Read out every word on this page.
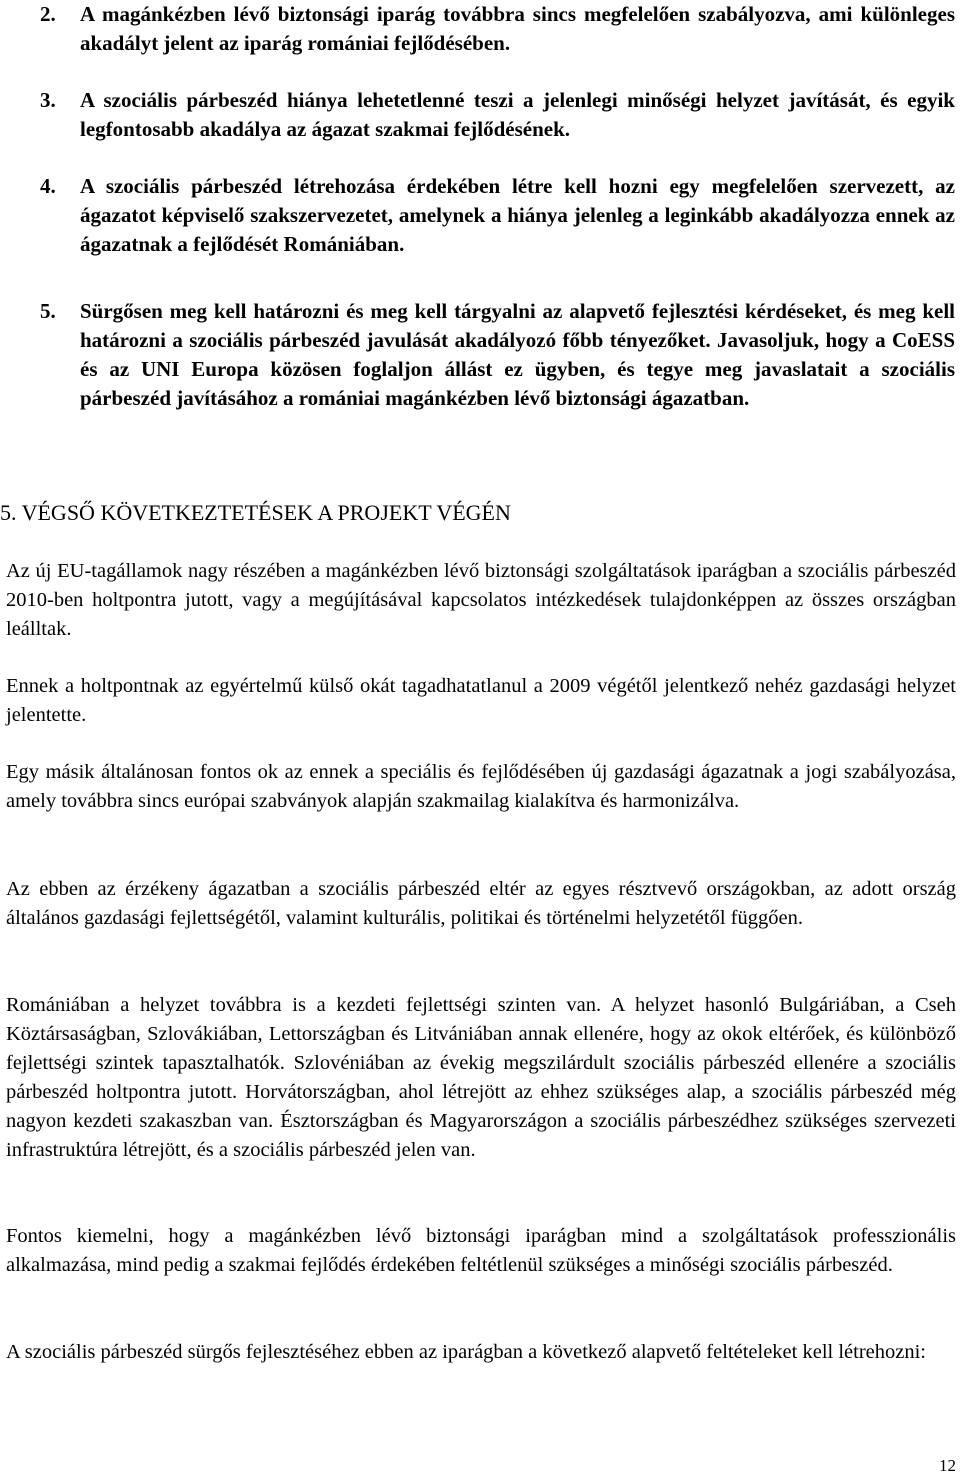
2. A magánkézben lévő biztonsági iparág továbbra sincs megfelelően szabályozva, ami különleges akadályt jelent az iparág romániai fejlődésében.
3. A szociális párbeszéd hiánya lehetetlenné teszi a jelenlegi minőségi helyzet javítását, és egyik legfontosabb akadálya az ágazat szakmai fejlődésének.
4. A szociális párbeszéd létrehozása érdekében létre kell hozni egy megfelelően szervezett, az ágazatot képviselő szakszervezetet, amelynek a hiánya jelenleg a leginkább akadályozza ennek az ágazatnak a fejlődését Romániában.
5. Sürgősen meg kell határozni és meg kell tárgyalni az alapvető fejlesztési kérdéseket, és meg kell határozni a szociális párbeszéd javulását akadályozó főbb tényezőket. Javasoljuk, hogy a CoESS és az UNI Europa közösen foglaljon állást ez ügyben, és tegye meg javaslatait a szociális párbeszéd javításához a romániai magánkézben lévő biztonsági ágazatban.
5. VÉGSŐ KÖVETKEZTETÉSEK A PROJEKT VÉGÉN
Az új EU-tagállamok nagy részében a magánkézben lévő biztonsági szolgáltatások iparágban a szociális párbeszéd 2010-ben holtpontra jutott, vagy a megújításával kapcsolatos intézkedések tulajdonképpen az összes országban leálltak.
Ennek a holtpontnak az egyértelmű külső okát tagadhatatlanul a 2009 végétől jelentkező nehéz gazdasági helyzet jelentette.
Egy másik általánosan fontos ok az ennek a speciális és fejlődésében új gazdasági ágazatnak a jogi szabályozása, amely továbbra sincs európai szabványok alapján szakmailag kialakítva és harmonizálva.
Az ebben az érzékeny ágazatban a szociális párbeszéd eltér az egyes résztvevő országokban, az adott ország általános gazdasági fejlettségétől, valamint kulturális, politikai és történelmi helyzetétől függően.
Romániában a helyzet továbbra is a kezdeti fejlettségi szinten van. A helyzet hasonló Bulgáriában, a Cseh Köztársaságban, Szlovákiában, Lettországban és Litvániában annak ellenére, hogy az okok eltérőek, és különböző fejlettségi szintek tapasztalhatók. Szlovéniában az évekig megszilárdult szociális párbeszéd ellenére a szociális párbeszéd holtpontra jutott. Horvátországban, ahol létrejött az ehhez szükséges alap, a szociális párbeszéd még nagyon kezdeti szakaszban van. Észtországban és Magyarországon a szociális párbeszédhez szükséges szervezeti infrastruktúra létrejött, és a szociális párbeszéd jelen van.
Fontos kiemelni, hogy a magánkézben lévő biztonsági iparágban mind a szolgáltatások professzionális alkalmazása, mind pedig a szakmai fejlődés érdekében feltétlenül szükséges a minőségi szociális párbeszéd.
A szociális párbeszéd sürgős fejlesztéséhez ebben az iparágban a következő alapvető feltételeket kell létrehozni:
12
